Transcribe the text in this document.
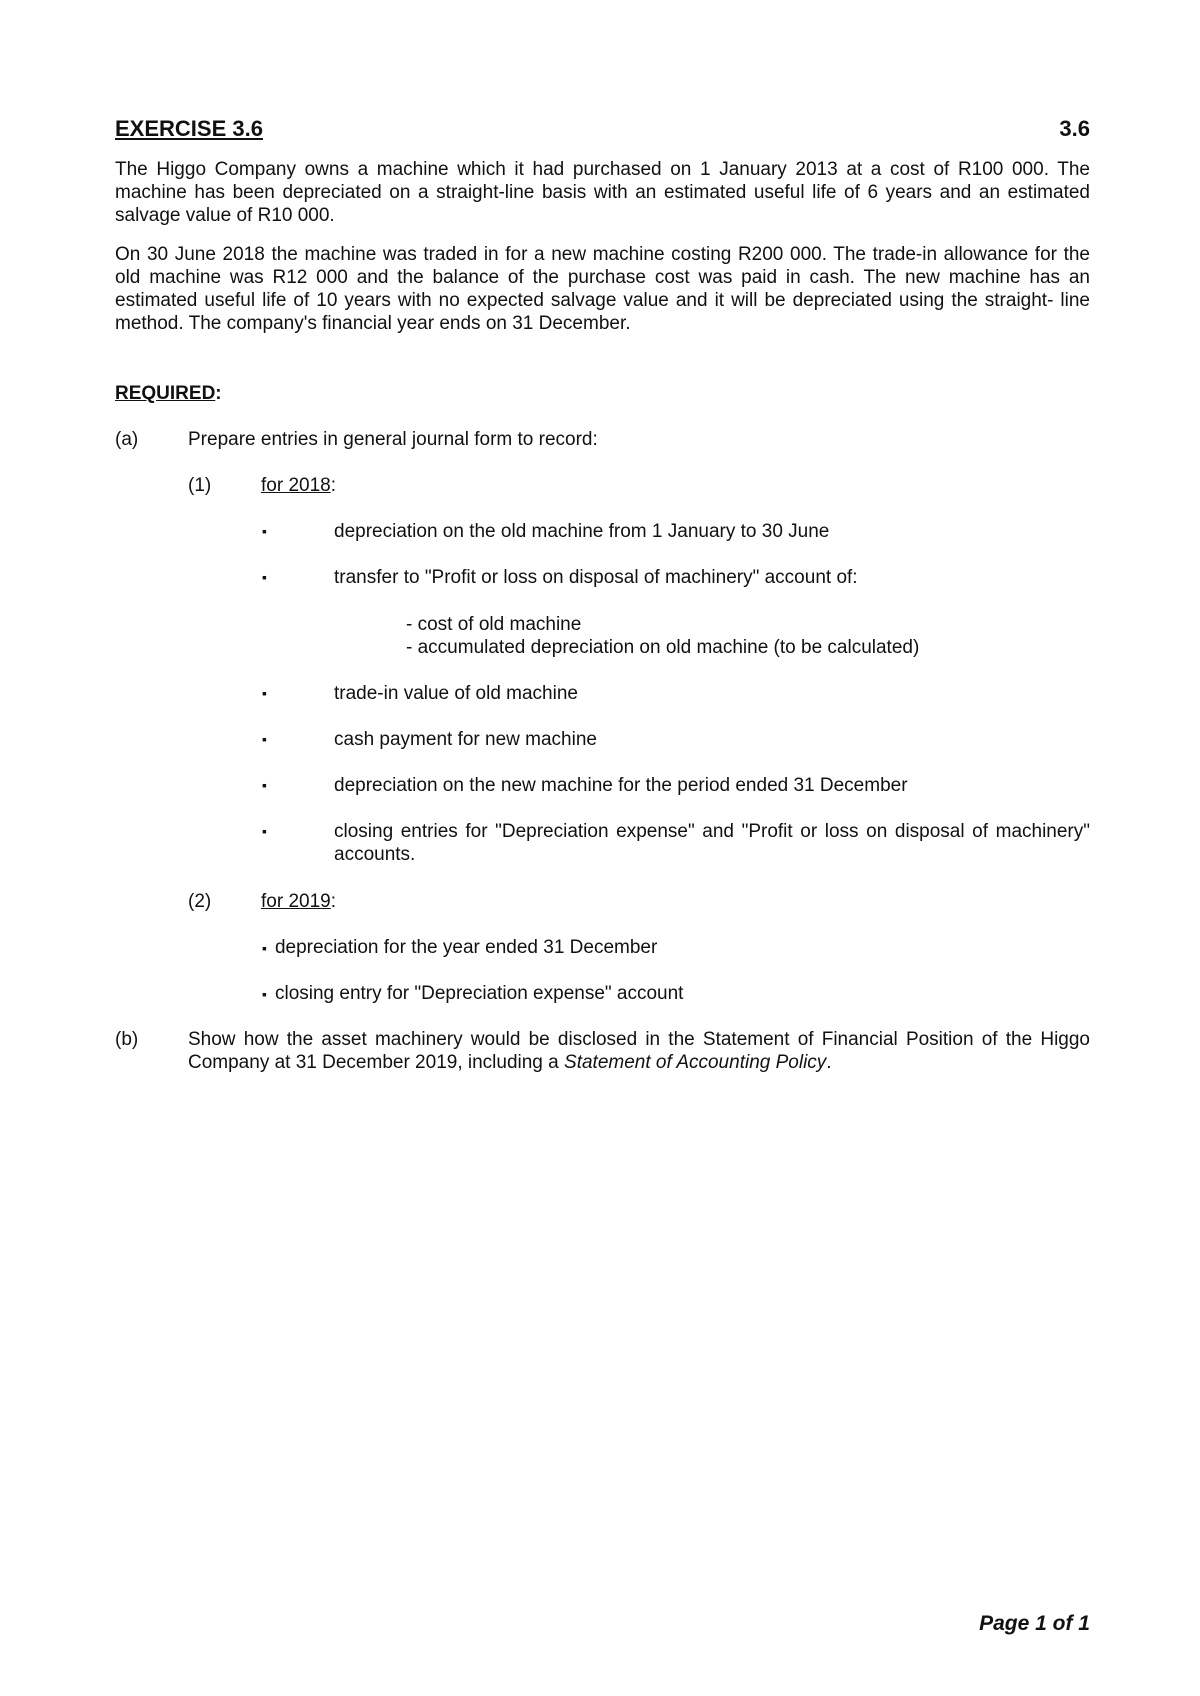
EXERCISE 3.6	3.6

The Higgo Company owns a machine which it had purchased on 1 January 2013 at a cost of R100 000. The machine has been depreciated on a straight-line basis with an estimated useful life of 6 years and an estimated salvage value of R10 000.

On 30 June 2018 the machine was traded in for a new machine costing R200 000. The trade-in allowance for the old machine was R12 000 and the balance of the purchase cost was paid in cash. The new machine has an estimated useful life of 10 years with no expected salvage value and it will be depreciated using the straight- line method. The company's financial year ends on 31 December.

REQUIRED:
(a)	Prepare entries in general journal form to record:
(1)	for 2018:
▪	depreciation on the old machine from 1 January to 30 June
▪	transfer to "Profit or loss on disposal of machinery" account of:
- cost of old machine
- accumulated depreciation on old machine (to be calculated)
▪	trade-in value of old machine
▪	cash payment for new machine
▪	depreciation on the new machine for the period ended 31 December
▪	closing entries for "Depreciation expense" and "Profit or loss on disposal of machinery" accounts.
(2)	for 2019:
▪ depreciation for the year ended 31 December
▪ closing entry for "Depreciation expense" account
(b)	Show how the asset machinery would be disclosed in the Statement of Financial Position of the Higgo Company at 31 December 2019, including a Statement of Accounting Policy.
Page 1 of 1
